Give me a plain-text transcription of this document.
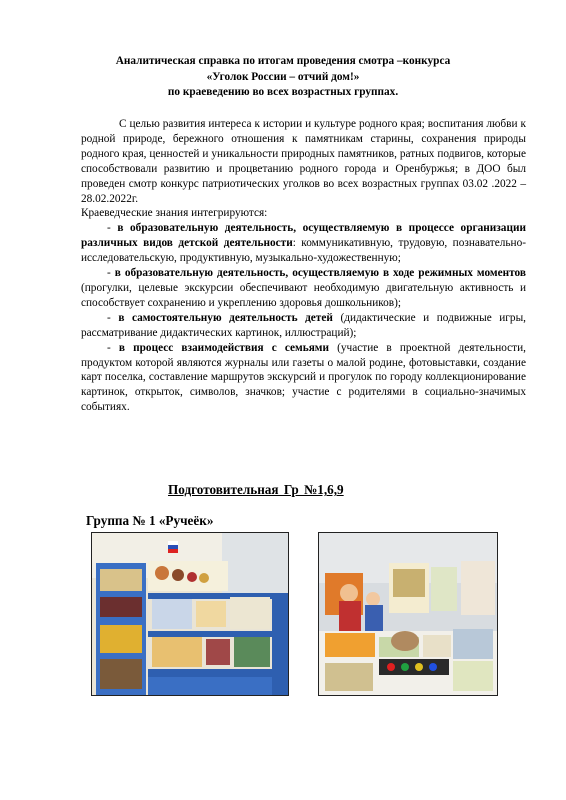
Аналитическая справка по итогам проведения смотра –конкурса
«Уголок России – отчий дом!»
по краеведению во всех возрастных группах.

С целью развития интереса к истории и культуре родного края; воспитания любви к родной природе, бережного отношения к памятникам старины, сохранения природы родного края, ценностей и уникальности природных памятников, ратных подвигов, которые способствовали развитию и процветанию родного города и Оренбуржья; в ДОО был проведен смотр конкурс патриотических уголков во всех возрастных группах 03.02 .2022 – 28.02.2022г.

Краеведческие знания интегрируются:

- в образовательную деятельность, осуществляемую в процессе организации различных видов детской деятельности: коммуникативную, трудовую, познавательно- исследовательскую, продуктивную, музыкально-художественную;

- в образовательную деятельность, осуществляемую в ходе режимных моментов (прогулки, целевые экскурсии обеспечивают необходимую двигательную активность и способствует сохранению и укреплению здоровья дошкольников);

- в самостоятельную деятельность детей (дидактические и подвижные игры, рассматривание дидактических картинок, иллюстраций);

- в процесс взаимодействия с семьями (участие в проектной деятельности, продуктом которой являются журналы или газеты о малой родине, фотовыставки, создание карт поселка, составление маршрутов экскурсий и прогулок по городу коллекционирование картинок, открыток, символов, значков; участие с родителями в социально-значимых событиях.

Подготовительная Гр №1,6,9
Группа № 1 «Ручеёк»
